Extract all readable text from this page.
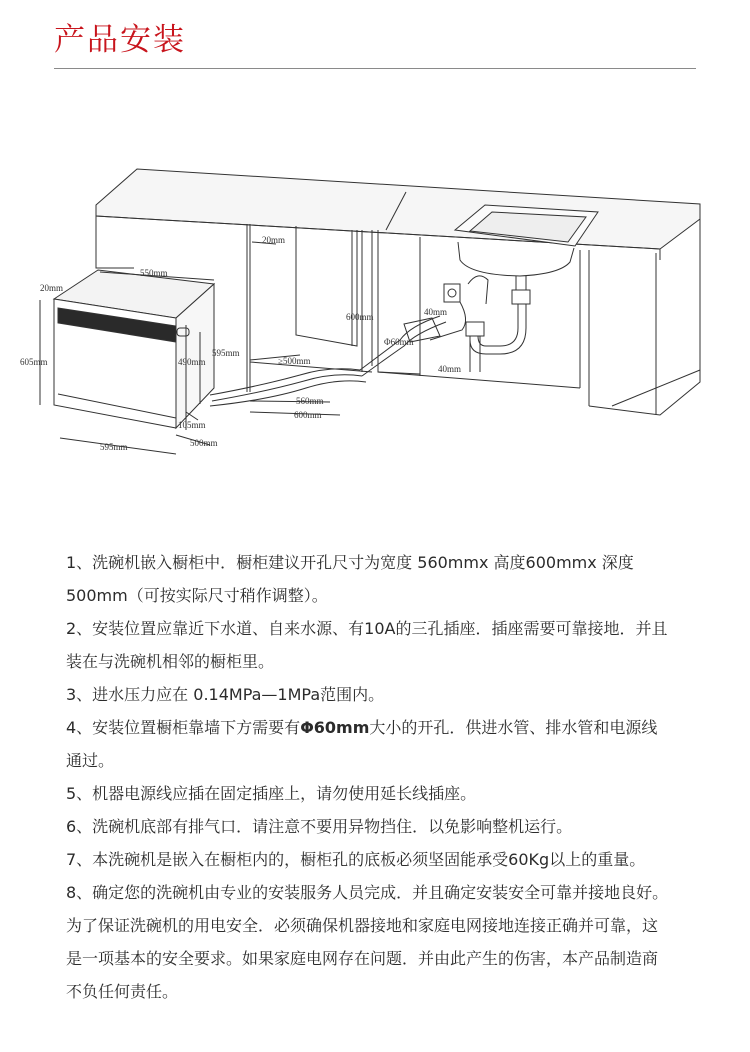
产品安装
20mm
550mm
20mm
605mm	490mm
595mm
105mm
500mm
595mm
≥500mm
600mm
560mm
600mm
40mm
Φ60mm
40mm

1、洗碗机嵌入橱柜中．橱柜建议开孔尺寸为宽度 560mmx 高度600mmx 深度

500mm（可按实际尺寸稍作调整）。

2、安装位置应靠近下水道、自来水源、有10A的三孔插座．插座需要可靠接地．并且

装在与洗碗机相邻的橱柜里。

3、进水压力应在 0.14MPa—1MPa范围内。

4、安装位置橱柜靠墙下方需要有Φ60mm大小的开孔．供进水管、排水管和电源线

通过。

5、机器电源线应插在固定插座上，请勿使用延长线插座。

6、洗碗机底部有排气口．请注意不要用异物挡住．以免影响整机运行。

7、本洗碗机是嵌入在橱柜内的，橱柜孔的底板必须坚固能承受60Kg以上的重量。

8、确定您的洗碗机由专业的安装服务人员完成．并且确定安装安全可靠并接地良好。

为了保证洗碗机的用电安全．必须确保机器接地和家庭电网接地连接正确并可靠，这

是一项基本的安全要求。如果家庭电网存在问题．并由此产生的伤害，本产品制造商

不负任何责任。
